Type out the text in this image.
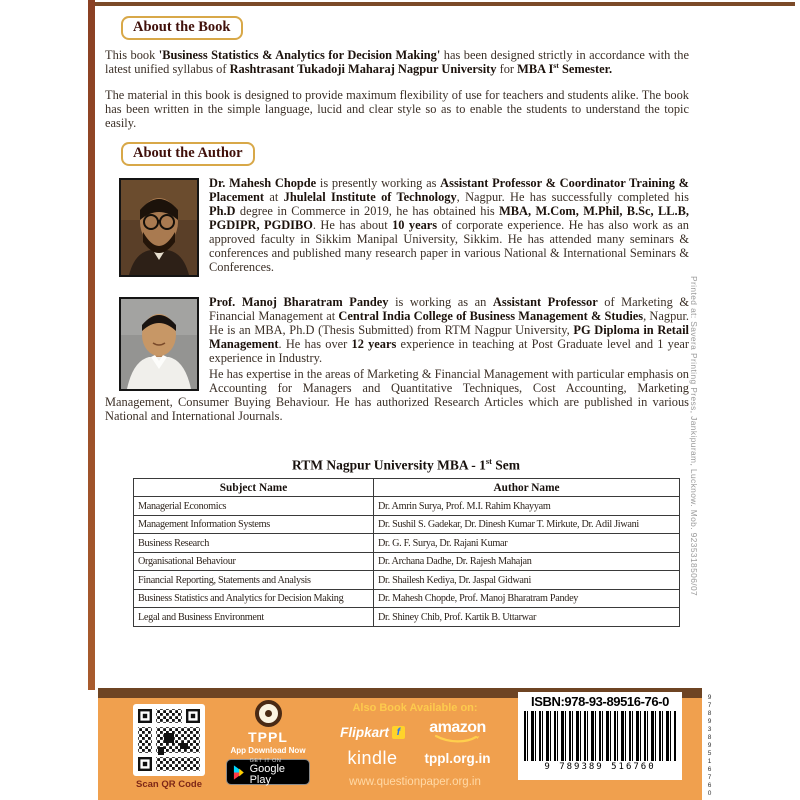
About the Book

This book 'Business Statistics & Analytics for Decision Making' has been designed strictly in accordance with the latest unified syllabus of Rashtrasant Tukadoji Maharaj Nagpur University for MBA Ist Semester.

The material in this book is designed to provide maximum flexibility of use for teachers and students alike. The book has been written in the simple language, lucid and clear style so as to enable the students to understand the topic easily.

About the Author

Dr. Mahesh Chopde is presently working as Assistant Professor & Coordinator Training & Placement at Jhulelal Institute of Technology, Nagpur. He has successfully completed his Ph.D degree in Commerce in 2019, he has obtained his MBA, M.Com, M.Phil, B.Sc, LL.B, PGDIPR, PGDIBO. He has about 10 years of corporate experience. He has also work as an approved faculty in Sikkim Manipal University, Sikkim. He has attended many seminars & conferences and published many research paper in various National & International Seminars & Conferences.

Prof. Manoj Bharatram Pandey is working as an Assistant Professor of Marketing & Financial Management at Central India College of Business Management & Studies, Nagpur. He is an MBA, Ph.D (Thesis Submitted) from RTM Nagpur University, PG Diploma in Retail Management. He has over 12 years experience in teaching at Post Graduate level and 1 year experience in Industry.

He has expertise in the areas of Marketing & Financial Management with particular emphasis on Accounting for Managers and Quantitative Techniques, Cost Accounting, Marketing Management, Consumer Buying Behaviour. He has authorized Research Articles which are published in various National and International Journals.

RTM Nagpur University MBA - 1st Sem
Subject Name	Author Name
Managerial Economics	Dr. Amrin Surya, Prof. M.I. Rahim Khayyam
Management Information Systems	Dr. Sushil S. Gadekar, Dr. Dinesh Kumar T. Mirkute, Dr. Adil Jiwani
Business Research	Dr. G. F. Surya, Dr. Rajani Kumar
Organisational Behaviour	Dr. Archana Dadhe, Dr. Rajesh Mahajan
Financial Reporting, Statements and Analysis	Dr. Shailesh Kediya, Dr. Jaspal Gidwani
Business Statistics and Analytics for Decision Making	Dr. Mahesh Chopde, Prof. Manoj Bharatram Pandey
Legal and Business Environment	Dr. Shiney Chib, Prof. Kartik B. Uttarwar
Printed at: Savera Printing Press, Jankipuram, Lucknow. Mob. 9235318506/07
Scan QR Code
TPPL
App Download Now
GET IT ON
Google Play
Also Book Available on:
Flipkart f	amazon
kindle tppl.org.in
www.questionpaper.org.in
ISBN:978-93-89516-76-0
9 789389 516760	9789389516760
